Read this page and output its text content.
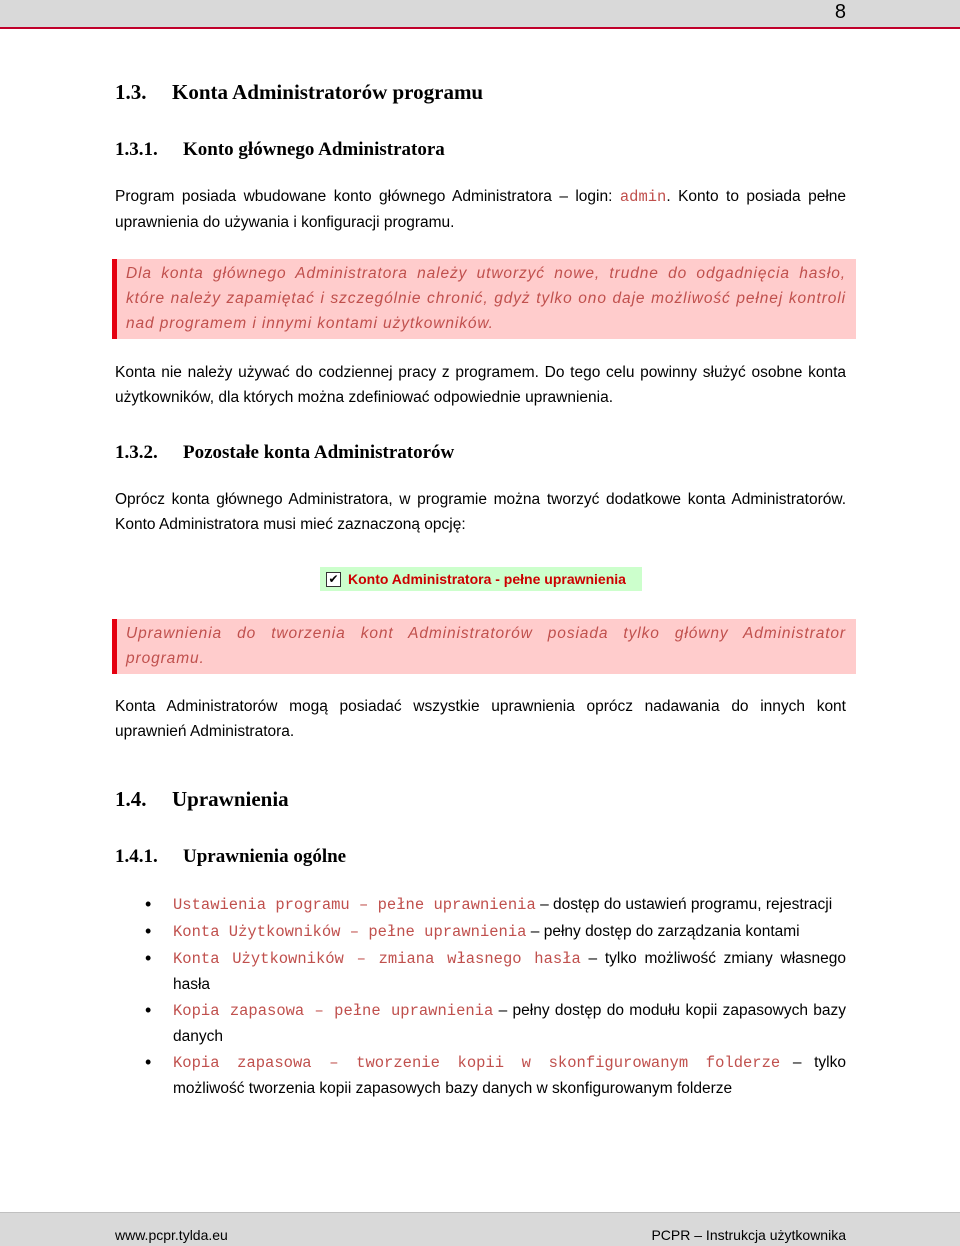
8
1.3. Konta Administratorów programu
1.3.1. Konto głównego Administratora
Program posiada wbudowane konto głównego Administratora – login: admin. Konto to posiada pełne uprawnienia do używania i konfiguracji programu.
Dla konta głównego Administratora należy utworzyć nowe, trudne do odgadnięcia hasło, które należy zapamiętać i szczególnie chronić, gdyż tylko ono daje możliwość pełnej kontroli nad programem i innymi kontami użytkowników.
Konta nie należy używać do codziennej pracy z programem. Do tego celu powinny służyć osobne konta użytkowników, dla których można zdefiniować odpowiednie uprawnienia.
1.3.2. Pozostałe konta Administratorów
Oprócz konta głównego Administratora, w programie można tworzyć dodatkowe konta Administratorów. Konto Administratora musi mieć zaznaczoną opcję:
✔ Konto Administratora - pełne uprawnienia
Uprawnienia do tworzenia kont Administratorów posiada tylko główny Administrator programu.
Konta Administratorów mogą posiadać wszystkie uprawnienia oprócz nadawania do innych kont uprawnień Administratora.
1.4. Uprawnienia
1.4.1. Uprawnienia ogólne
• Ustawienia programu – pełne uprawnienia – dostęp do ustawień programu, rejestracji
• Konta Użytkowników – pełne uprawnienia – pełny dostęp do zarządzania kontami
• Konta Użytkowników – zmiana własnego hasła – tylko możliwość zmiany własnego hasła
• Kopia zapasowa – pełne uprawnienia – pełny dostęp do modułu kopii zapasowych bazy danych
• Kopia zapasowa – tworzenie kopii w skonfigurowanym folderze – tylko możliwość tworzenia kopii zapasowych bazy danych w skonfigurowanym folderze
www.pcpr.tylda.eu	PCPR – Instrukcja użytkownika
